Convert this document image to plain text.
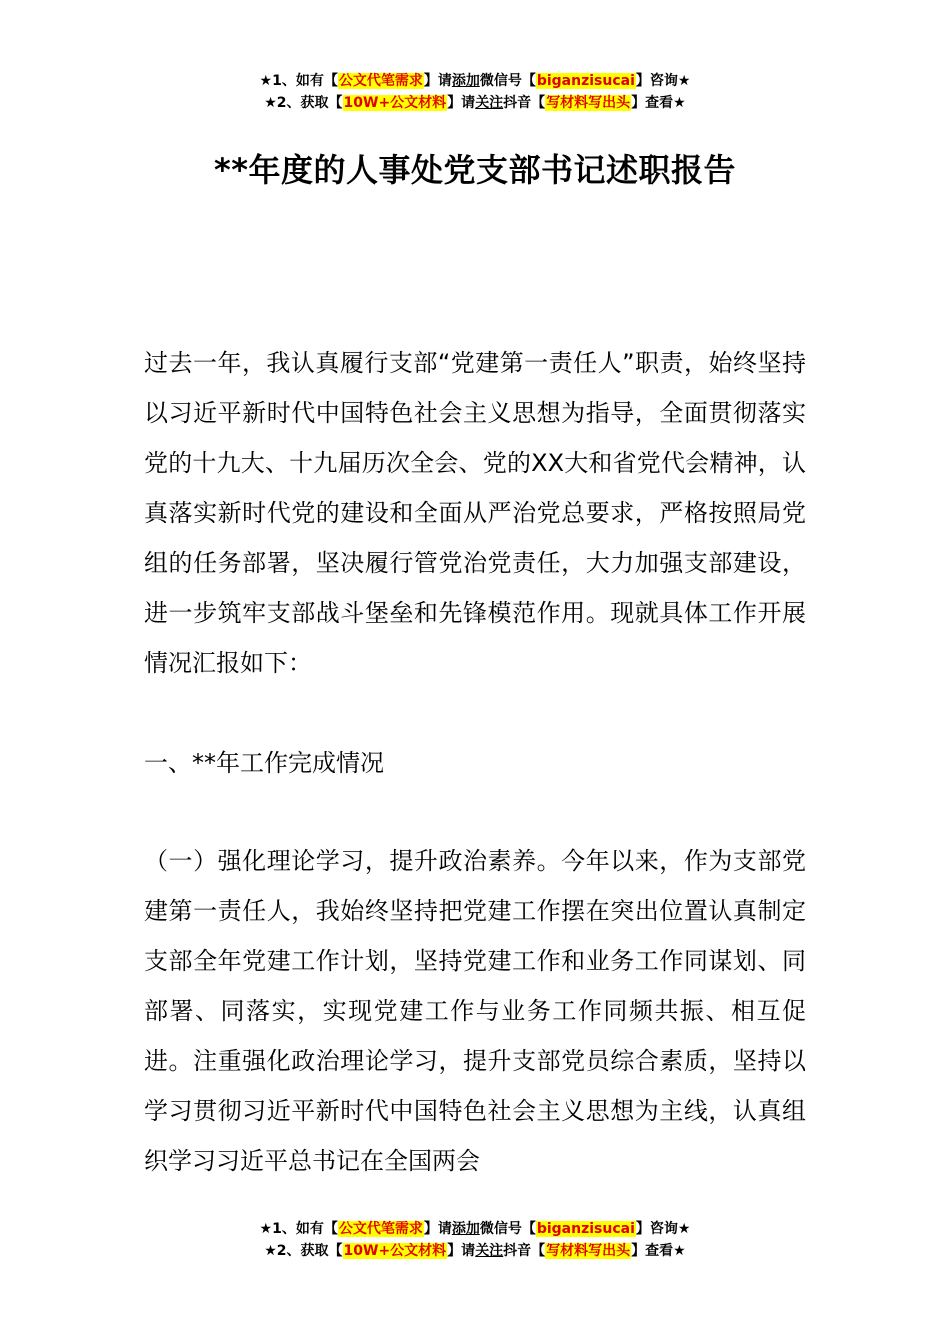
★1、如有【公文代笔需求】请添加微信号【biganzisucai】咨询★
★2、获取【10W+公文材料】请关注抖音【写材料写出头】查看★
**年度的人事处党支部书记述职报告

过去一年，我认真履行支部“党建第一责任人”职责，始终坚持以习近平新时代中国特色社会主义思想为指导，全面贯彻落实党的十九大、十九届历次全会、党的XX大和省党代会精神，认真落实新时代党的建设和全面从严治党总要求，严格按照局党组的任务部署，坚决履行管党治党责任，大力加强支部建设，进一步筑牢支部战斗堡垒和先锋模范作用。现就具体工作开展情况汇报如下：

一、**年工作完成情况

（一）强化理论学习，提升政治素养。今年以来，作为支部党建第一责任人，我始终坚持把党建工作摆在突出位置认真制定支部全年党建工作计划，坚持党建工作和业务工作同谋划、同部署、同落实，实现党建工作与业务工作同频共振、相互促进。注重强化政治理论学习，提升支部党员综合素质，坚持以学习贯彻习近平新时代中国特色社会主义思想为主线，认真组织学习习近平总书记在全国两会

★1、如有【公文代笔需求】请添加微信号【biganzisucai】咨询★
★2、获取【10W+公文材料】请关注抖音【写材料写出头】查看★
